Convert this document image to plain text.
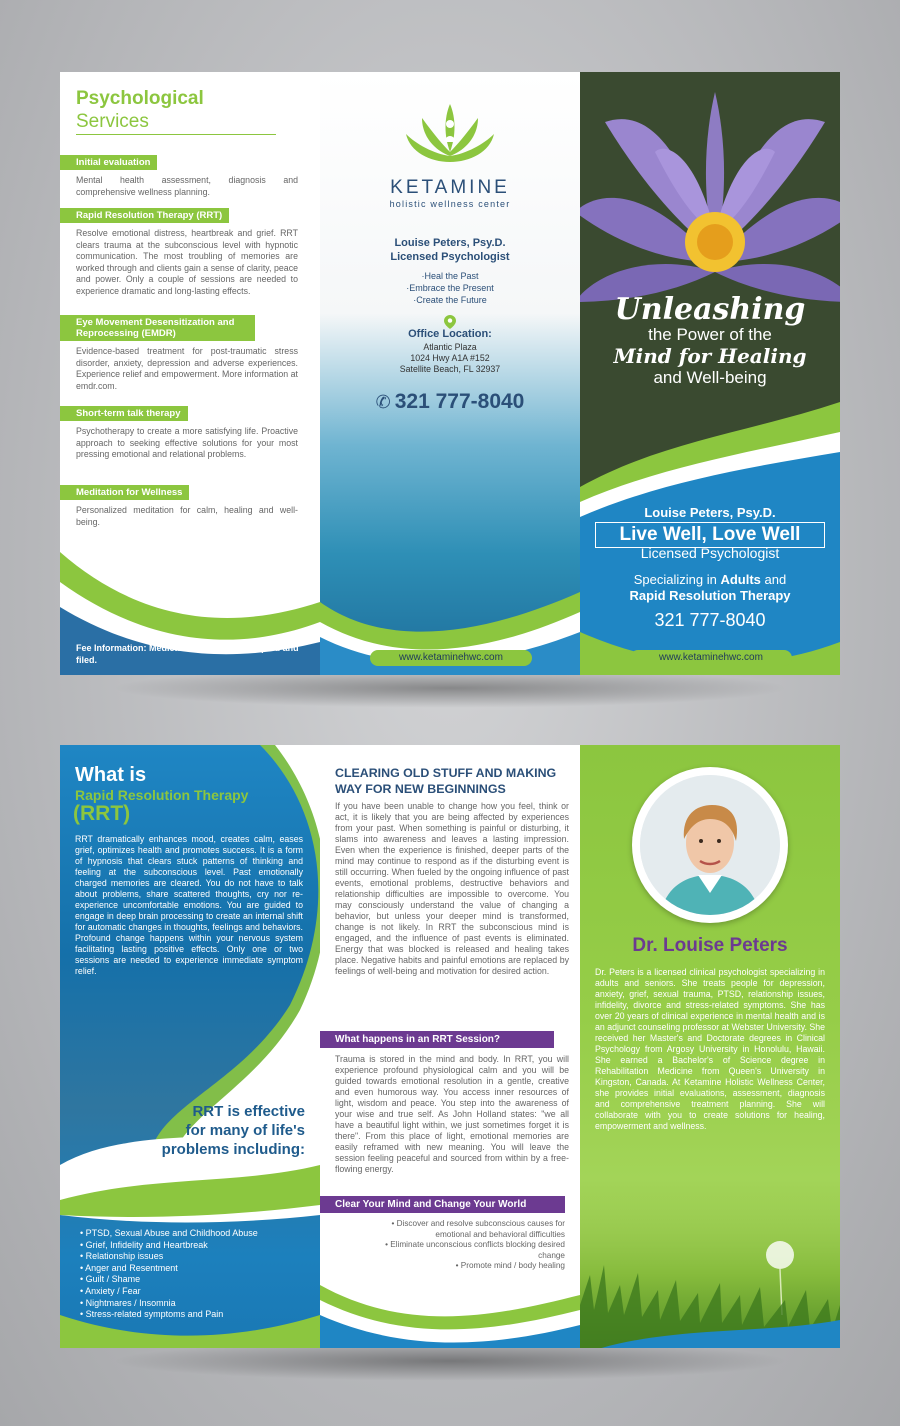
Psychological
Services
Initial evaluation

Mental health assessment, diagnosis and comprehensive wellness planning.

Rapid Resolution Therapy (RRT)

Resolve emotional distress, heartbreak and grief. RRT clears trauma at the subconscious level with hypnotic communication. The most troubling of memories are worked through and clients gain a sense of clarity, peace and power. Only a couple of sessions are needed to experience dramatic and long-lasting effects.

Eye Movement Desensitization and Reprocessing (EMDR)

Evidence-based treatment for post-traumatic stress disorder, anxiety, depression and adverse experiences. Experience relief and empowerment. More information at emdr.com.

Short-term talk therapy

Psychotherapy to create a more satisfying life. Proactive approach to seeking effective solutions for your most pressing emotional and relational problems.

Meditation for Wellness

Personalized meditation for calm, healing and well-being.

Fee Information: Medicare and Tricare accepted and filed.

KETAMINE
holistic wellness center
Louise Peters, Psy.D.
Licensed Psychologist
·Heal the Past
·Embrace the Present
·Create the Future
Office Location:
Atlantic Plaza
1024 Hwy A1A #152
Satellite Beach, FL 32937
✆ 321 777-8040
www.ketaminehwc.com
Unleashing
the Power of the
Mind for Healing
and Well-being
Louise Peters, Psy.D.
Live Well, Love Well
Licensed Psychologist
Specializing in Adults and
Rapid Resolution Therapy
321 777-8040
www.ketaminehwc.com
What is
Rapid Resolution Therapy
(RRT)

RRT dramatically enhances mood, creates calm, eases grief, optimizes health and promotes success. It is a form of hypnosis that clears stuck patterns of thinking and feeling at the subconscious level. Past emotionally charged memories are cleared. You do not have to talk about problems, share scattered thoughts, cry nor re-experience uncomfortable emotions. You are guided to engage in deep brain processing to create an internal shift for automatic changes in thoughts, feelings and behaviors. Profound change happens within your nervous system facilitating lasting positive effects. Only one or two sessions are needed to experience immediate symptom relief.

RRT is effective
for many of life's
problems including:
• PTSD, Sexual Abuse and Childhood Abuse
• Grief, Infidelity and Heartbreak
• Relationship issues
• Anger and Resentment
• Guilt / Shame
• Anxiety / Fear
• Nightmares / Insomnia
• Stress-related symptoms and Pain
CLEARING OLD STUFF AND MAKING WAY FOR NEW BEGINNINGS

If you have been unable to change how you feel, think or act, it is likely that you are being affected by experiences from your past. When something is painful or disturbing, it slams into awareness and leaves a lasting impression. Even when the experience is finished, deeper parts of the mind may continue to respond as if the disturbing event is still occurring. When fueled by the ongoing influence of past events, emotional problems, destructive behaviors and relationship difficulties are impossible to overcome. You may consciously understand the value of changing a behavior, but unless your deeper mind is transformed, change is not likely. In RRT the subconscious mind is engaged, and the influence of past events is eliminated. Energy that was blocked is released and healing takes place. Negative habits and painful emotions are replaced by feelings of well-being and motivation for desired action.

What happens in an RRT Session?

Trauma is stored in the mind and body. In RRT, you will experience profound physiological calm and you will be guided towards emotional resolution in a gentle, creative and even humorous way. You access inner resources of light, wisdom and peace. You step into the awareness of your wise and true self. As John Holland states: "we all have a beautiful light within, we just sometimes forget it is there". From this place of light, emotional memories are easily reframed with new meaning. You will leave the session feeling peaceful and sourced from within by a free-flowing energy.

Clear Your Mind and Change Your World
• Discover and resolve subconscious causes for emotional and behavioral difficulties
• Eliminate unconscious conflicts blocking desired change
• Promote mind / body healing
Dr. Louise Peters

Dr. Peters is a licensed clinical psychologist specializing in adults and seniors. She treats people for depression, anxiety, grief, sexual trauma, PTSD, relationship issues, infidelity, divorce and stress-related symptoms. She has over 20 years of clinical experience in mental health and is an adjunct counseling professor at Webster University. She received her Master's and Doctorate degrees in Clinical Psychology from Argosy University in Honolulu, Hawaii. She earned a Bachelor's of Science degree in Rehabilitation Medicine from Queen's University in Kingston, Canada. At Ketamine Holistic Wellness Center, she provides initial evaluations, assessment, diagnosis and comprehensive treatment planning. She will collaborate with you to create solutions for healing, empowerment and wellness.
